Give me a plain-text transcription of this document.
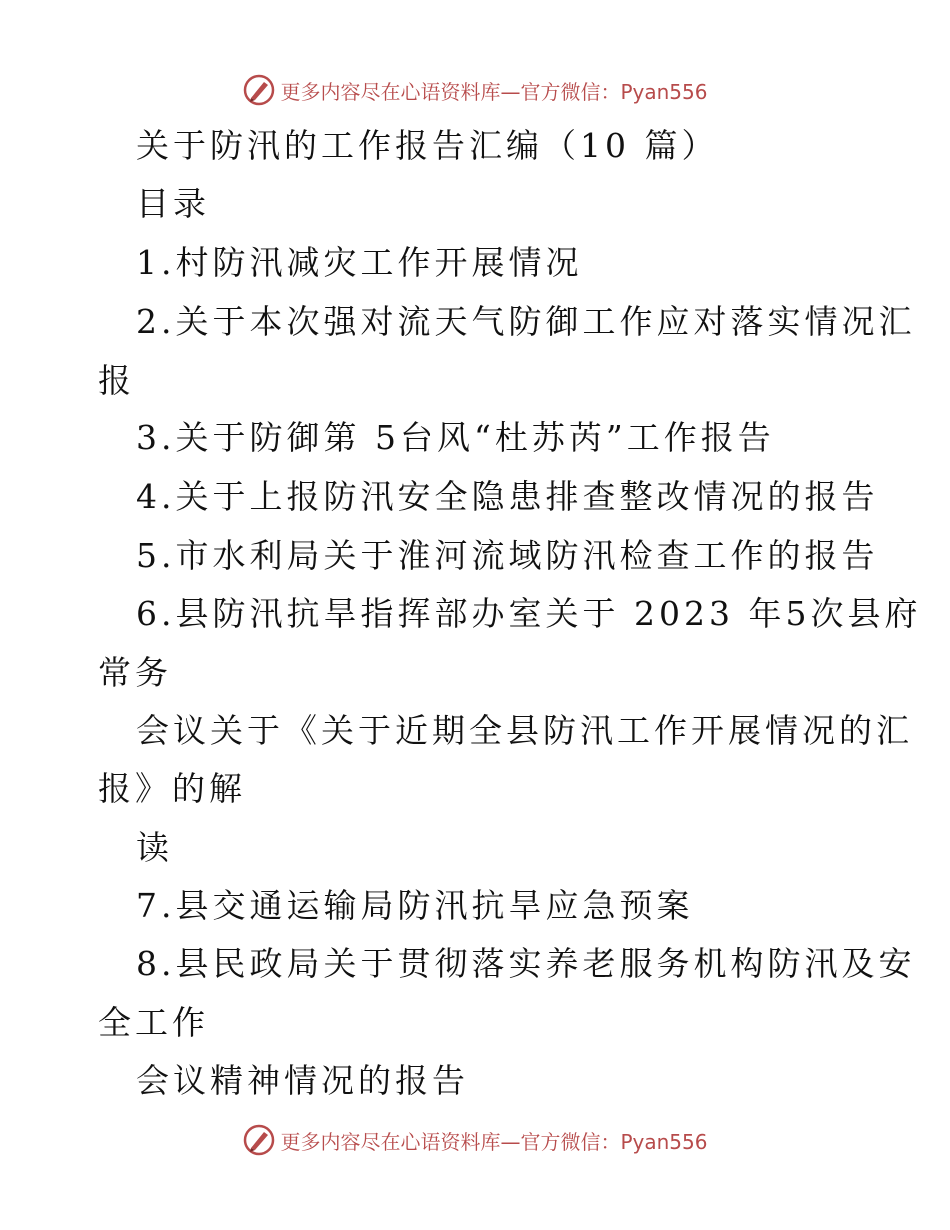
更多内容尽在心语资料库—官方微信：Pyan556
关于防汛的工作报告汇编（10 篇）
目录
1.村防汛减灾工作开展情况
2.关于本次强对流天气防御工作应对落实情况汇
报
3.关于防御第 5台风“杜苏芮”工作报告
4.关于上报防汛安全隐患排查整改情况的报告
5.市水利局关于淮河流域防汛检查工作的报告
6.县防汛抗旱指挥部办室关于 2023 年5次县府
常务
会议关于《关于近期全县防汛工作开展情况的汇
报》的解
读
7.县交通运输局防汛抗旱应急预案
8.县民政局关于贯彻落实养老服务机构防汛及安
全工作
会议精神情况的报告
更多内容尽在心语资料库—官方微信：Pyan556
